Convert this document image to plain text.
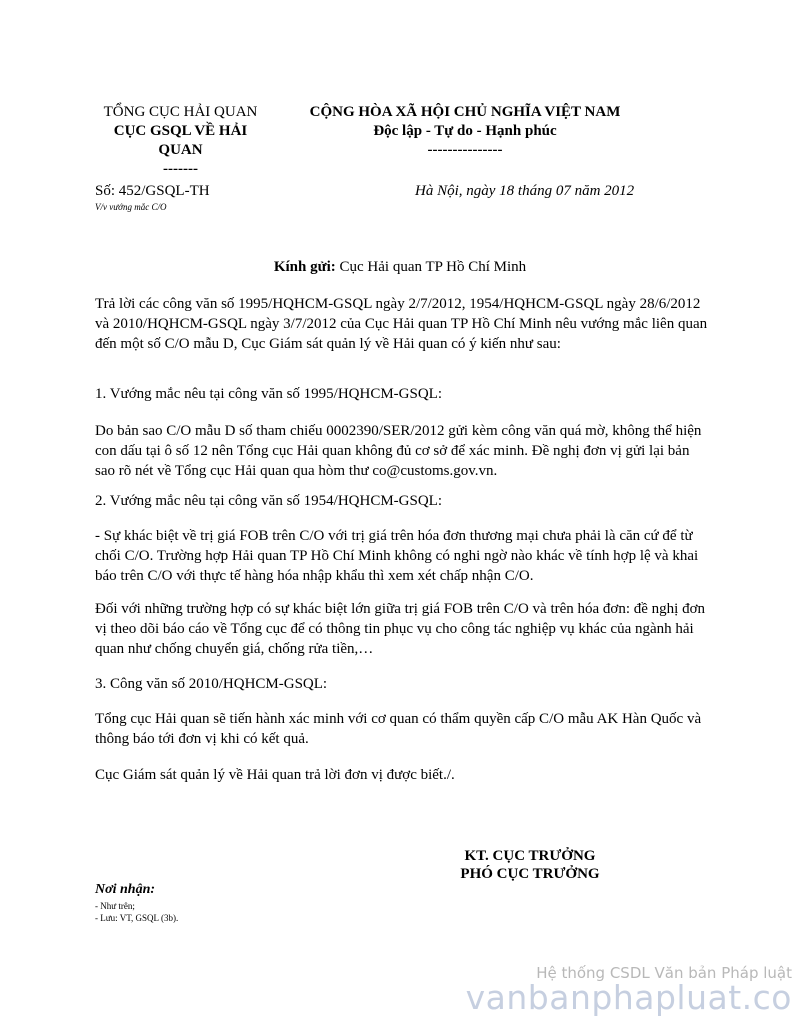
TỔNG CỤC HẢI QUAN
CỤC GSQL VỀ HẢI
QUAN
-------
CỘNG HÒA XÃ HỘI CHỦ NGHĨA VIỆT NAM
Độc lập - Tự do - Hạnh phúc
---------------
Số: 452/GSQL-TH
V/v vướng mắc C/O
Hà Nội, ngày 18 tháng 07 năm 2012
Kính gửi: Cục Hải quan TP Hồ Chí Minh

Trả lời các công văn số 1995/HQHCM-GSQL ngày 2/7/2012, 1954/HQHCM-GSQL ngày 28/6/2012 và 2010/HQHCM-GSQL ngày 3/7/2012 của Cục Hải quan TP Hồ Chí Minh nêu vướng mắc liên quan đến một số C/O mẫu D, Cục Giám sát quản lý về Hải quan có ý kiến như sau:

1. Vướng mắc nêu tại công văn số 1995/HQHCM-GSQL:

Do bản sao C/O mẫu D số tham chiếu 0002390/SER/2012 gửi kèm công văn quá mờ, không thể hiện con dấu tại ô số 12 nên Tổng cục Hải quan không đủ cơ sở để xác minh. Đề nghị đơn vị gửi lại bản sao rõ nét về Tổng cục Hải quan qua hòm thư co@customs.gov.vn.

2. Vướng mắc nêu tại công văn số 1954/HQHCM-GSQL:

- Sự khác biệt về trị giá FOB trên C/O với trị giá trên hóa đơn thương mại chưa phải là căn cứ để từ chối C/O. Trường hợp Hải quan TP Hồ Chí Minh không có nghi ngờ nào khác về tính hợp lệ và khai báo trên C/O với thực tế hàng hóa nhập khẩu thì xem xét chấp nhận C/O.

Đối với những trường hợp có sự khác biệt lớn giữa trị giá FOB trên C/O và trên hóa đơn: đề nghị đơn vị theo dõi báo cáo về Tổng cục để có thông tin phục vụ cho công tác nghiệp vụ khác của ngành hải quan như chống chuyển giá, chống rửa tiền,…

3. Công văn số 2010/HQHCM-GSQL:

Tổng cục Hải quan sẽ tiến hành xác minh với cơ quan có thẩm quyền cấp C/O mẫu AK Hàn Quốc và thông báo tới đơn vị khi có kết quả.

Cục Giám sát quản lý về Hải quan trả lời đơn vị được biết./.

KT. CỤC TRƯỞNG
PHÓ CỤC TRƯỞNG
Nơi nhận:
- Như trên;
- Lưu: VT, GSQL (3b).
Hệ thống CSDL Văn bản Pháp luật
vanbanphapluat.co
